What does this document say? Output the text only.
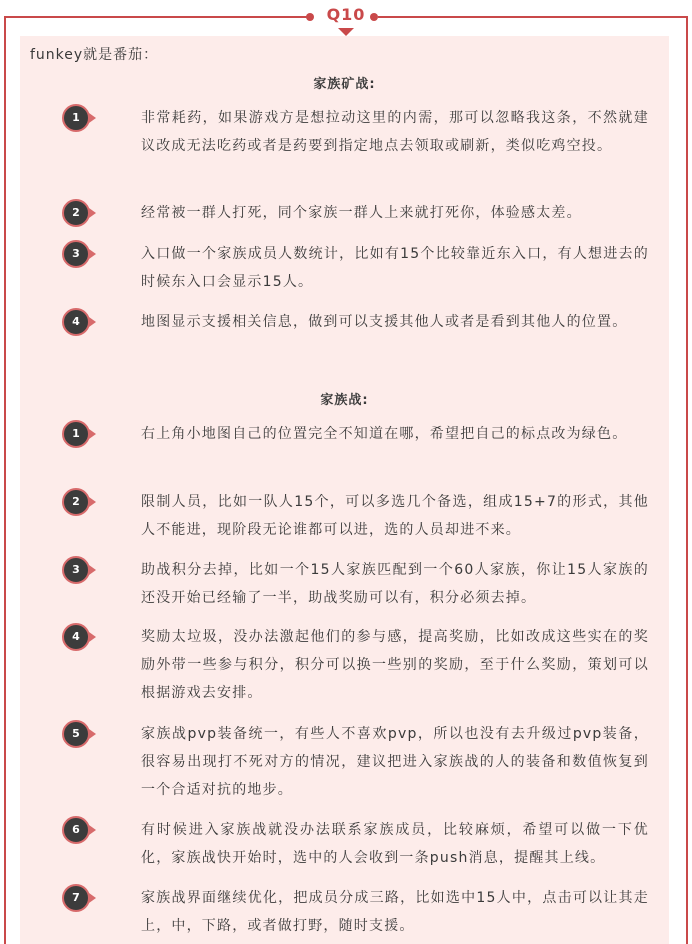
Q10
funkey就是番茄：
家族矿战:
1	非常耗药，如果游戏方是想拉动这里的内需，那可以忽略我这条，不然就建议改成无法吃药或者是药要到指定地点去领取或刷新，类似吃鸡空投。
2	经常被一群人打死，同个家族一群人上来就打死你，体验感太差。
3	入口做一个家族成员人数统计，比如有15个比较靠近东入口，有人想进去的时候东入口会显示15人。
4	地图显示支援相关信息，做到可以支援其他人或者是看到其他人的位置。
家族战:
1	右上角小地图自己的位置完全不知道在哪，希望把自己的标点改为绿色。
2	限制人员，比如一队人15个，可以多选几个备选，组成15+7的形式，其他人不能进，现阶段无论谁都可以进，选的人员却进不来。
3	助战积分去掉，比如一个15人家族匹配到一个60人家族，你让15人家族的还没开始已经输了一半，助战奖励可以有，积分必须去掉。
4	奖励太垃圾，没办法激起他们的参与感，提高奖励，比如改成这些实在的奖励外带一些参与积分，积分可以换一些别的奖励，至于什么奖励，策划可以根据游戏去安排。
5	家族战pvp装备统一，有些人不喜欢pvp，所以也没有去升级过pvp装备，很容易出现打不死对方的情况，建议把进入家族战的人的装备和数值恢复到一个合适对抗的地步。
6	有时候进入家族战就没办法联系家族成员，比较麻烦，希望可以做一下优化，家族战快开始时，选中的人会收到一条push消息，提醒其上线。
7	家族战界面继续优化，把成员分成三路，比如选中15人中，点击可以让其走上，中，下路，或者做打野，随时支援。
